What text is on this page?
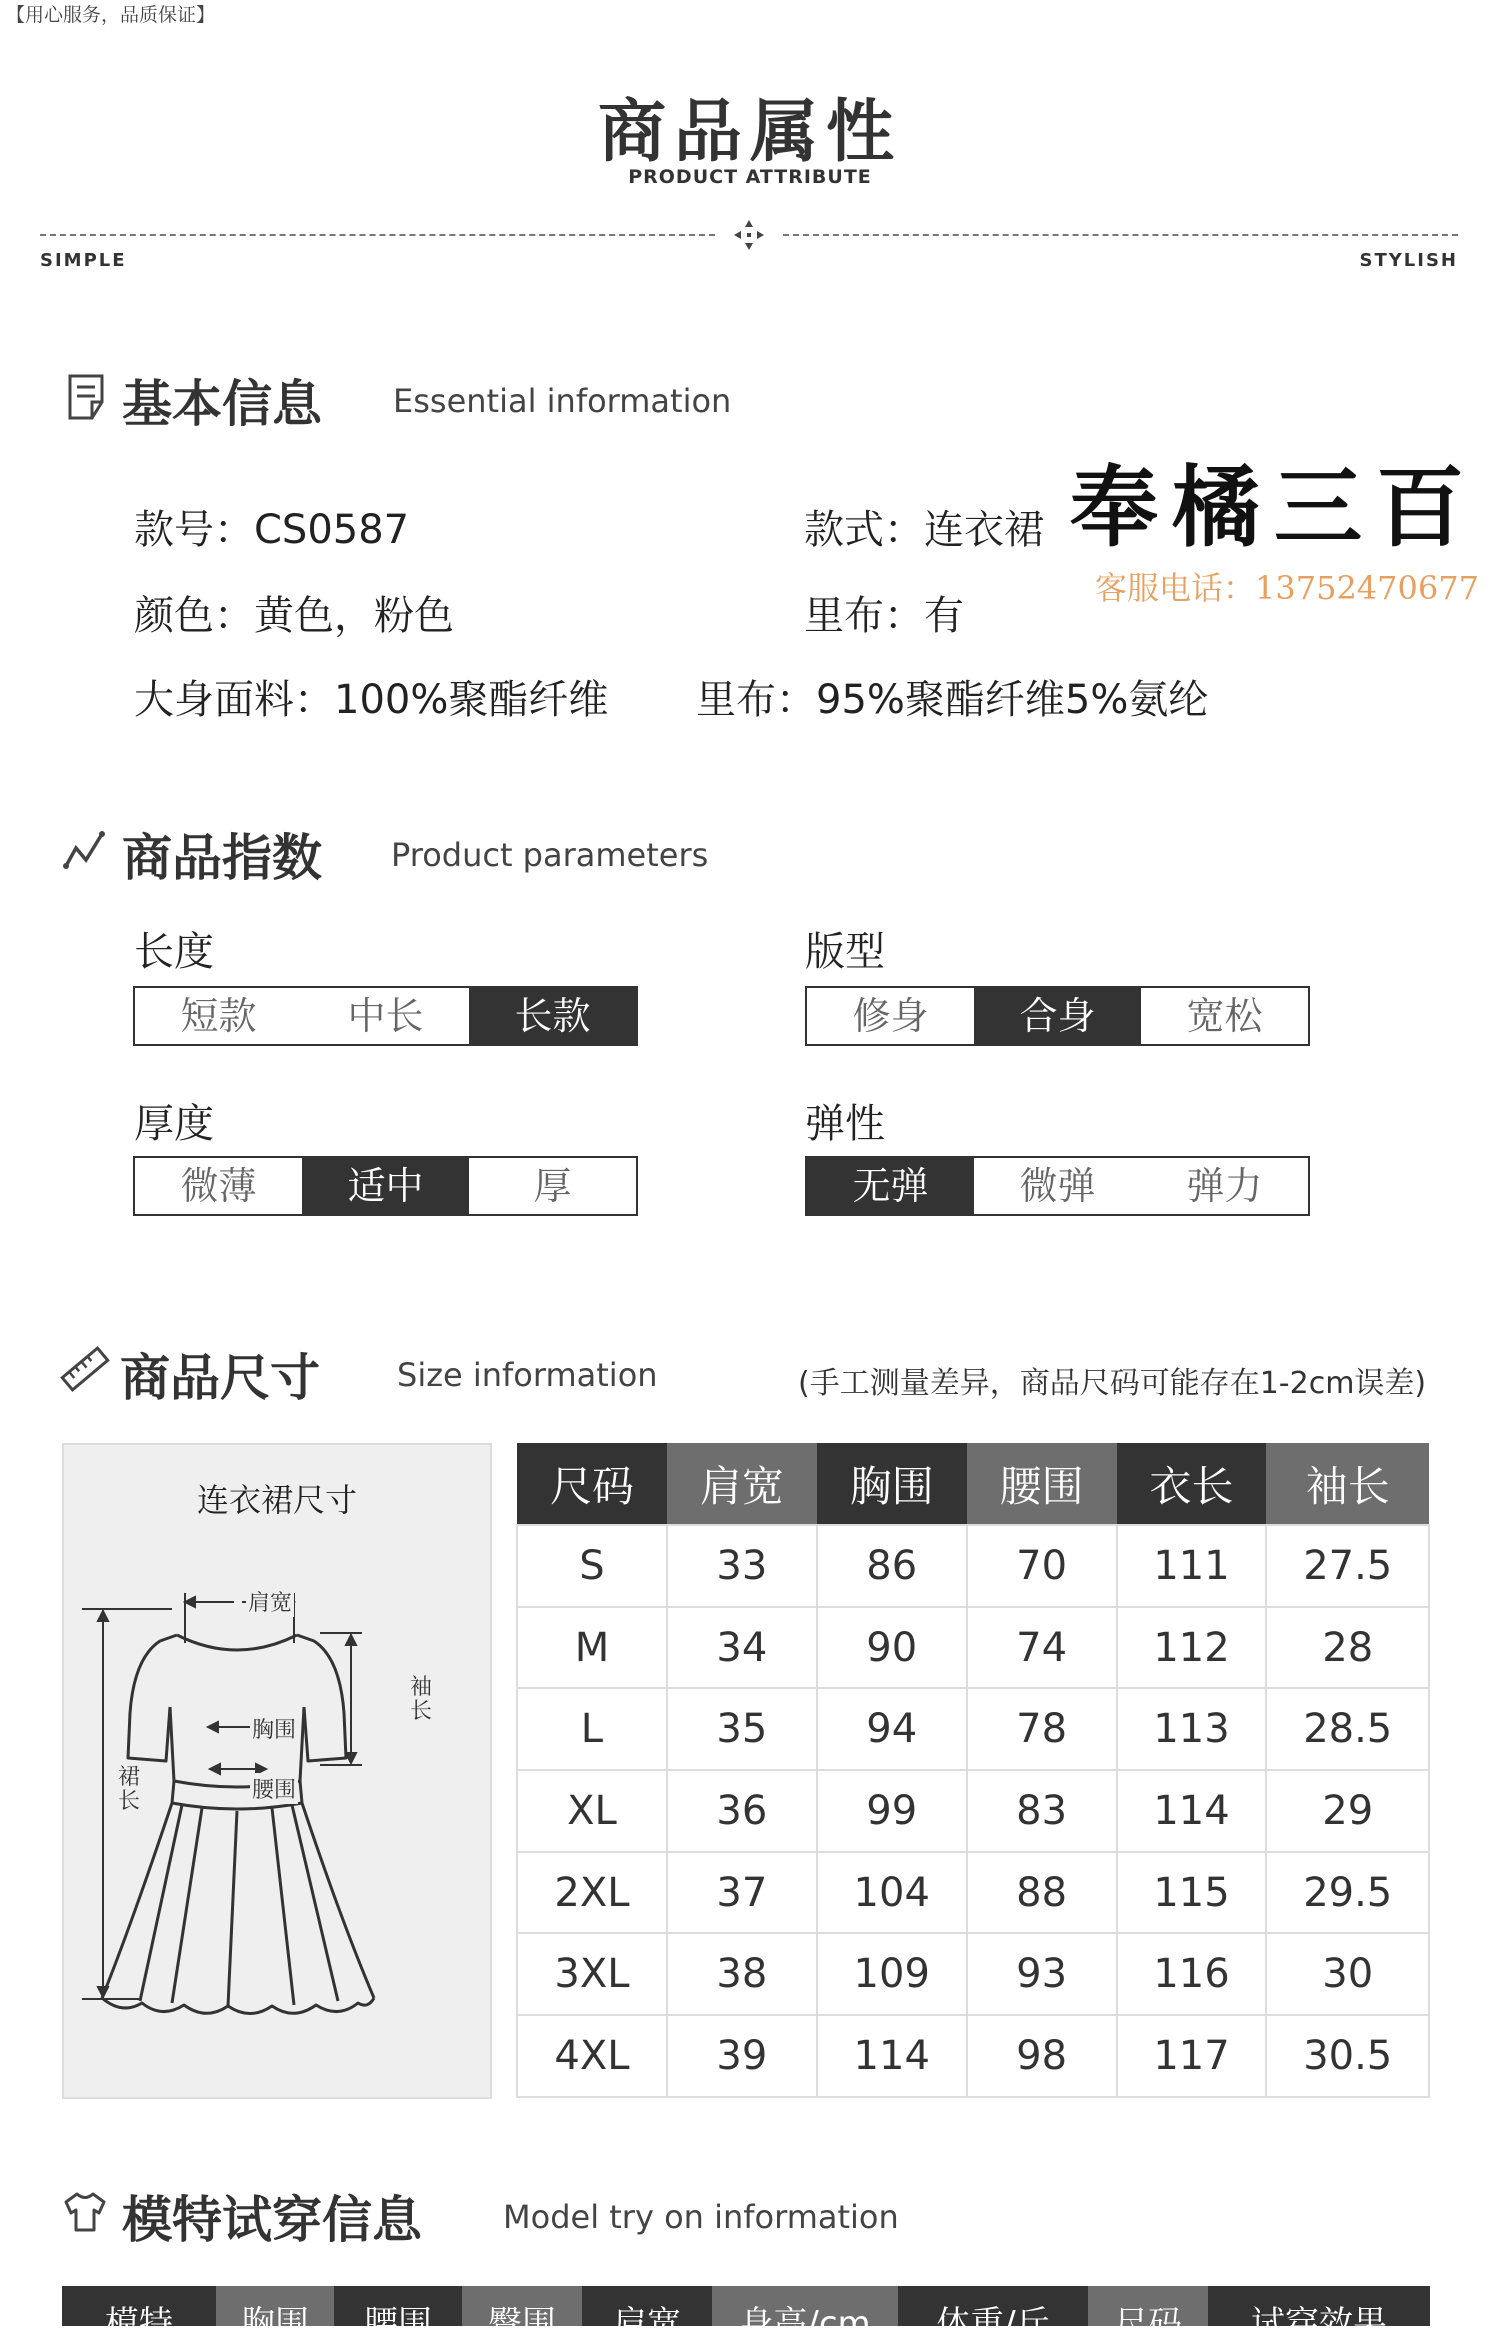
【用心服务，品质保证】
商品属性
PRODUCT ATTRIBUTE
SIMPLE	STYLISH
基本信息 Essential information
款号：CS0587	款式：连衣裙
颜色：黄色，粉色	里布：有
大身面料：100%聚酯纤维 里布：95%聚酯纤维5%氨纶
奉橘三百
客服电话：13752470677
商品指数 Product parameters
长度
短款	中长	长款
版型
修身	合身	宽松
厚度
微薄	适中	厚
弹性
无弹	微弹	弹力
商品尺寸 Size information	(手工测量差异，商品尺码可能存在1-2cm误差)
连衣裙尺寸
肩宽
胸围
腰围
袖长
裙长
尺码	肩宽	胸围	腰围	衣长	袖长
S	33	86	70	111	27.5
M	34	90	74	112	28
L	35	94	78	113	28.5
XL	36	99	83	114	29
2XL	37	104	88	115	29.5
3XL	38	109	93	116	30
4XL	39	114	98	117	30.5
模特试穿信息	Model try on information
模特	胸围	腰围	臀围	肩宽	身高/cm	体重/斤	尺码	试穿效果
